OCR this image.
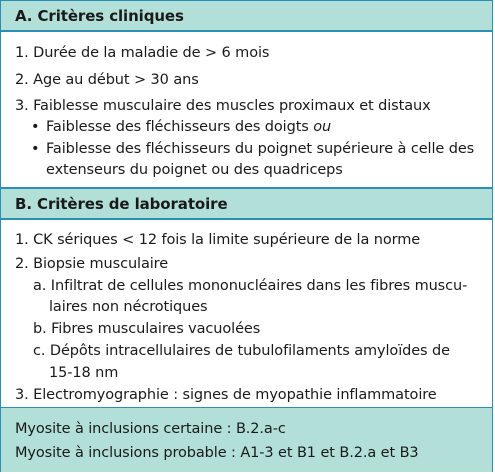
A. Critères cliniques
1. Durée de la maladie de > 6 mois
2. Age au début > 30 ans
3. Faiblesse musculaire des muscles proximaux et distaux
• Faiblesse des fléchisseurs des doigts ou
• Faiblesse des fléchisseurs du poignet supérieure à celle des
extenseurs du poignet ou des quadriceps
B. Critères de laboratoire
1. CK sériques < 12 fois la limite supérieure de la norme
2. Biopsie musculaire
a. Infiltrat de cellules mononucléaires dans les fibres muscu-
laires non nécrotiques
b. Fibres musculaires vacuolées
c. Dépôts intracellulaires de tubulofilaments amyloïdes de
15-18 nm
3. Electromyographie : signes de myopathie inflammatoire
Myosite à inclusions certaine : B.2.a-c
Myosite à inclusions probable : A1-3 et B1 et B.2.a et B3
